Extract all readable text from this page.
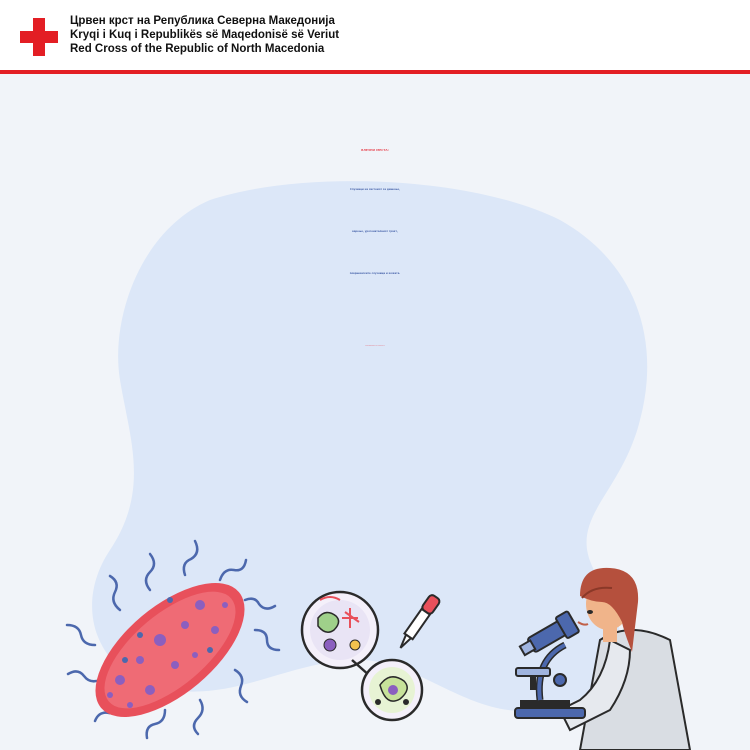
Црвен крст на Република Северна Македонија
Kryqi i Kuq i Republikës së Maqedonisë së Veriut
Red Cross of the Republic of North Macedonia
ВЛЕЗНИ МЕСТА:
Слузници на системот за дишење,
варење, урогениталниот тракт,
површинските слузници и кожата.
ЧУВСТВИТЕЛНОСТ И ОТПОРНОСТ:
